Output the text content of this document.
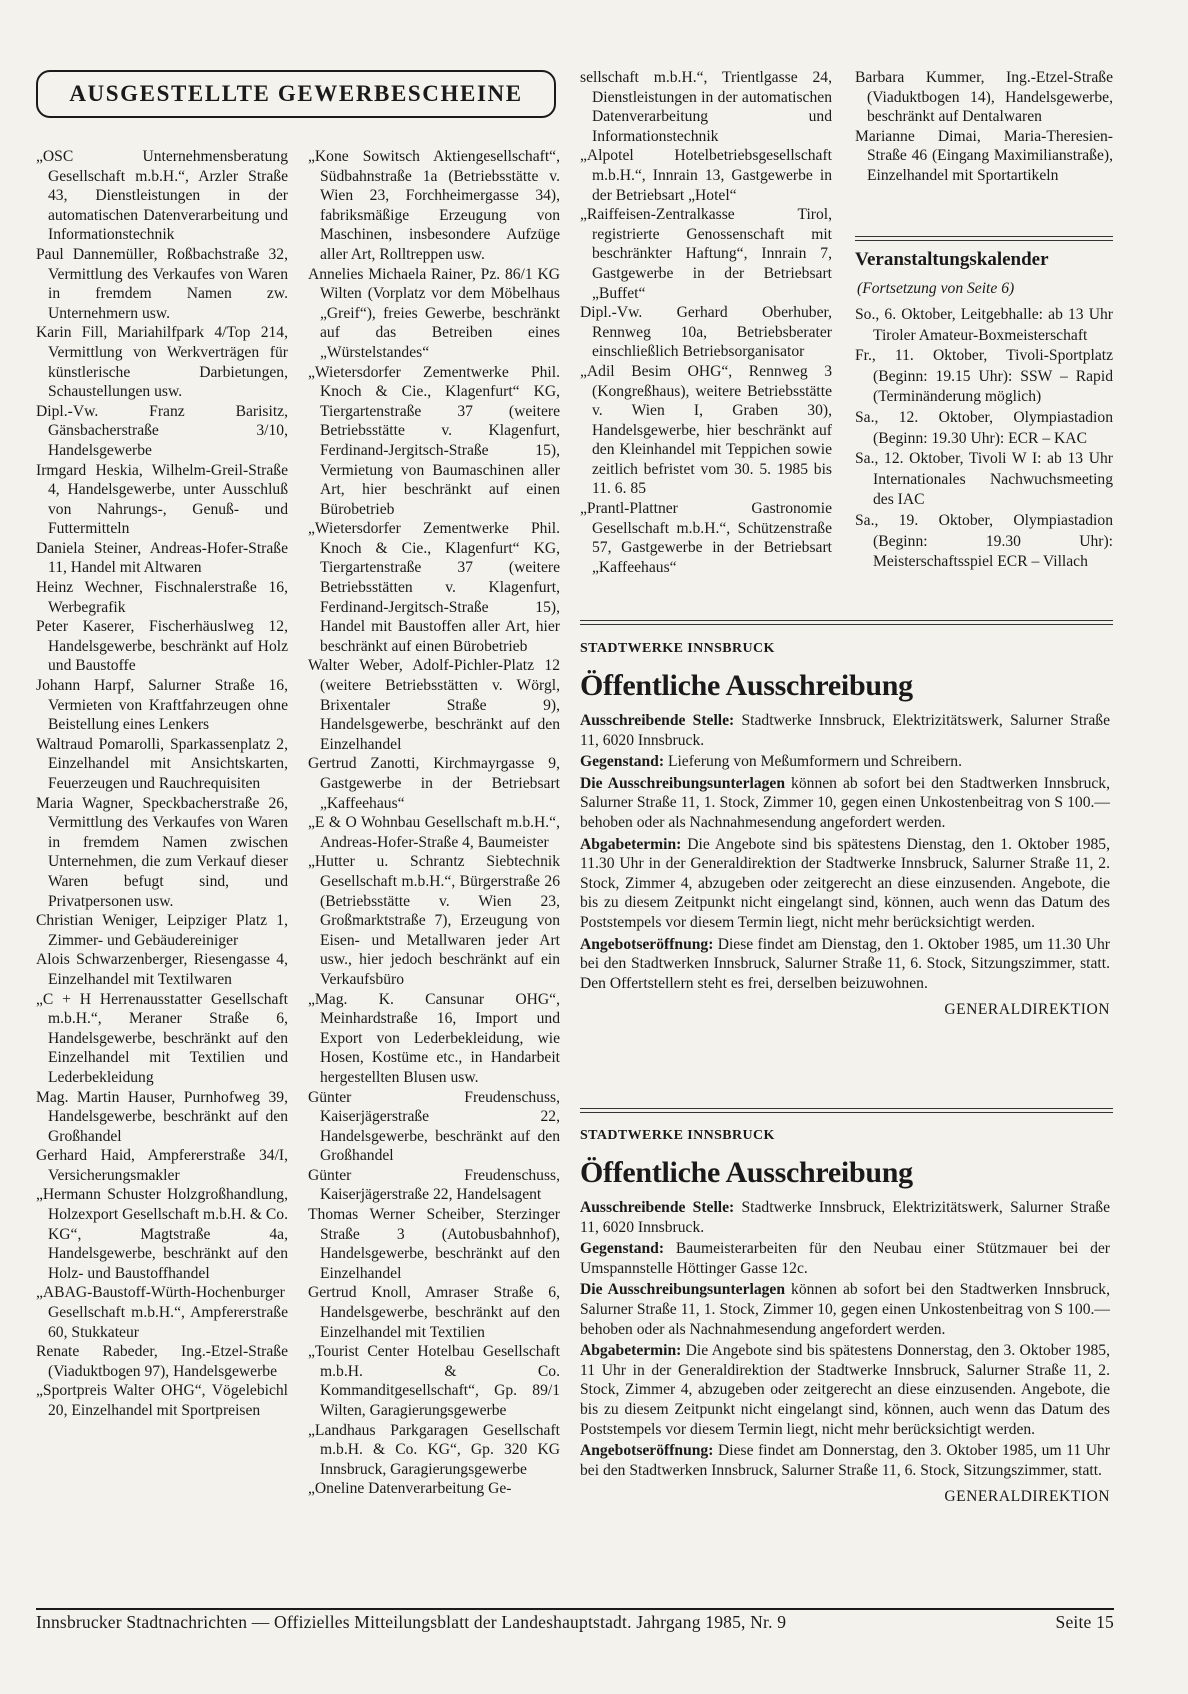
AUSGESTELLTE GEWERBESCHEINE

„OSC Unternehmensberatung Gesellschaft m.b.H.“, Arzler Straße 43, Dienstleistungen in der automatischen Datenverarbeitung und Informationstechnik

Paul Dannemüller, Roßbachstraße 32, Vermittlung des Verkaufes von Waren in fremdem Namen zw. Unternehmern usw.

Karin Fill, Mariahilfpark 4/Top 214, Vermittlung von Werkverträgen für künstlerische Darbietungen, Schaustellungen usw.

Dipl.-Vw. Franz Barisitz, Gänsbacherstraße 3/10, Handelsgewerbe

Irmgard Heskia, Wilhelm-Greil-Straße 4, Handelsgewerbe, unter Ausschluß von Nahrungs-, Genuß- und Futtermitteln

Daniela Steiner, Andreas-Hofer-Straße 11, Handel mit Altwaren

Heinz Wechner, Fischnalerstraße 16, Werbegrafik

Peter Kaserer, Fischerhäuslweg 12, Handelsgewerbe, beschränkt auf Holz und Baustoffe

Johann Harpf, Salurner Straße 16, Vermieten von Kraftfahrzeugen ohne Beistellung eines Lenkers

Waltraud Pomarolli, Sparkassenplatz 2, Einzelhandel mit Ansichtskarten, Feuerzeugen und Rauchrequisiten

Maria Wagner, Speckbacherstraße 26, Vermittlung des Verkaufes von Waren in fremdem Namen zwischen Unternehmen, die zum Verkauf dieser Waren befugt sind, und Privatpersonen usw.

Christian Weniger, Leipziger Platz 1, Zimmer- und Gebäudereiniger

Alois Schwarzenberger, Riesengasse 4, Einzelhandel mit Textilwaren

„C + H Herrenausstatter Gesellschaft m.b.H.“, Meraner Straße 6, Handelsgewerbe, beschränkt auf den Einzelhandel mit Textilien und Lederbekleidung

Mag. Martin Hauser, Purnhofweg 39, Handelsgewerbe, beschränkt auf den Großhandel

Gerhard Haid, Ampfererstraße 34/I, Versicherungsmakler

„Hermann Schuster Holzgroßhandlung, Holzexport Gesellschaft m.b.H. & Co. KG“, Magtstraße 4a, Handelsgewerbe, beschränkt auf den Holz- und Baustoffhandel

„ABAG-Baustoff-Würth-Hochenburger Gesellschaft m.b.H.“, Ampfererstraße 60, Stukkateur

Renate Rabeder, Ing.-Etzel-Straße (Viaduktbogen 97), Handelsgewerbe

„Sportpreis Walter OHG“, Vögelebichl 20, Einzelhandel mit Sportpreisen

„Kone Sowitsch Aktiengesellschaft“, Südbahnstraße 1a (Betriebsstätte v. Wien 23, Forchheimergasse 34), fabriksmäßige Erzeugung von Maschinen, insbesondere Aufzüge aller Art, Rolltreppen usw.

Annelies Michaela Rainer, Pz. 86/1 KG Wilten (Vorplatz vor dem Möbelhaus „Greif“), freies Gewerbe, beschränkt auf das Betreiben eines „Würstelstandes“

„Wietersdorfer Zementwerke Phil. Knoch & Cie., Klagenfurt“ KG, Tiergartenstraße 37 (weitere Betriebsstätte v. Klagenfurt, Ferdinand-Jergitsch-Straße 15), Vermietung von Baumaschinen aller Art, hier beschränkt auf einen Bürobetrieb

„Wietersdorfer Zementwerke Phil. Knoch & Cie., Klagenfurt“ KG, Tiergartenstraße 37 (weitere Betriebsstätten v. Klagenfurt, Ferdinand-Jergitsch-Straße 15), Handel mit Baustoffen aller Art, hier beschränkt auf einen Bürobetrieb

Walter Weber, Adolf-Pichler-Platz 12 (weitere Betriebsstätten v. Wörgl, Brixentaler Straße 9), Handelsgewerbe, beschränkt auf den Einzelhandel

Gertrud Zanotti, Kirchmayrgasse 9, Gastgewerbe in der Betriebsart „Kaffeehaus“

„E & O Wohnbau Gesellschaft m.b.H.“, Andreas-Hofer-Straße 4, Baumeister

„Hutter u. Schrantz Siebtechnik Gesellschaft m.b.H.“, Bürgerstraße 26 (Betriebsstätte v. Wien 23, Großmarktstraße 7), Erzeugung von Eisen- und Metallwaren jeder Art usw., hier jedoch beschränkt auf ein Verkaufsbüro

„Mag. K. Cansunar OHG“, Meinhardstraße 16, Import und Export von Lederbekleidung, wie Hosen, Kostüme etc., in Handarbeit hergestellten Blusen usw.

Günter Freudenschuss, Kaiserjägerstraße 22, Handelsgewerbe, beschränkt auf den Großhandel

Günter Freudenschuss, Kaiserjägerstraße 22, Handelsagent

Thomas Werner Scheiber, Sterzinger Straße 3 (Autobusbahnhof), Handelsgewerbe, beschränkt auf den Einzelhandel

Gertrud Knoll, Amraser Straße 6, Handelsgewerbe, beschränkt auf den Einzelhandel mit Textilien

„Tourist Center Hotelbau Gesellschaft m.b.H. & Co. Kommanditgesellschaft“, Gp. 89/1 Wilten, Garagierungsgewerbe

„Landhaus Parkgaragen Gesellschaft m.b.H. & Co. KG“, Gp. 320 KG Innsbruck, Garagierungsgewerbe

„Oneline Datenverarbeitung Ge-

sellschaft m.b.H.“, Trientlgasse 24, Dienstleistungen in der automatischen Datenverarbeitung und Informationstechnik

„Alpotel Hotelbetriebsgesellschaft m.b.H.“, Innrain 13, Gastgewerbe in der Betriebsart „Hotel“

„Raiffeisen-Zentralkasse Tirol, registrierte Genossenschaft mit beschränkter Haftung“, Innrain 7, Gastgewerbe in der Betriebsart „Buffet“

Dipl.-Vw. Gerhard Oberhuber, Rennweg 10a, Betriebsberater einschließlich Betriebsorganisator

„Adil Besim OHG“, Rennweg 3 (Kongreßhaus), weitere Betriebsstätte v. Wien I, Graben 30), Handelsgewerbe, hier beschränkt auf den Kleinhandel mit Teppichen sowie zeitlich befristet vom 30. 5. 1985 bis 11. 6. 85

„Prantl-Plattner Gastronomie Gesellschaft m.b.H.“, Schützenstraße 57, Gastgewerbe in der Betriebsart „Kaffeehaus“

Barbara Kummer, Ing.-Etzel-Straße (Viaduktbogen 14), Handelsgewerbe, beschränkt auf Dentalwaren

Marianne Dimai, Maria-Theresien-Straße 46 (Eingang Maximilianstraße), Einzelhandel mit Sportartikeln

Veranstaltungskalender
(Fortsetzung von Seite 6)

So., 6. Oktober, Leitgebhalle: ab 13 Uhr Tiroler Amateur-Boxmeisterschaft

Fr., 11. Oktober, Tivoli-Sportplatz (Beginn: 19.15 Uhr): SSW – Rapid (Terminänderung möglich)

Sa., 12. Oktober, Olympiastadion (Beginn: 19.30 Uhr): ECR – KAC

Sa., 12. Oktober, Tivoli W I: ab 13 Uhr Internationales Nachwuchsmeeting des IAC

Sa., 19. Oktober, Olympiastadion (Beginn: 19.30 Uhr): Meisterschaftsspiel ECR – Villach

STADTWERKE INNSBRUCK
Öffentliche Ausschreibung

Ausschreibende Stelle: Stadtwerke Innsbruck, Elektrizitätswerk, Salurner Straße 11, 6020 Innsbruck.

Gegenstand: Lieferung von Meßumformern und Schreibern.

Die Ausschreibungsunterlagen können ab sofort bei den Stadtwerken Innsbruck, Salurner Straße 11, 1. Stock, Zimmer 10, gegen einen Unkostenbeitrag von S 100.— behoben oder als Nachnahmesendung angefordert werden.

Abgabetermin: Die Angebote sind bis spätestens Dienstag, den 1. Oktober 1985, 11.30 Uhr in der Generaldirektion der Stadtwerke Innsbruck, Salurner Straße 11, 2. Stock, Zimmer 4, abzugeben oder zeitgerecht an diese einzusenden. Angebote, die bis zu diesem Zeitpunkt nicht eingelangt sind, können, auch wenn das Datum des Poststempels vor diesem Termin liegt, nicht mehr berücksichtigt werden.

Angebotseröffnung: Diese findet am Dienstag, den 1. Oktober 1985, um 11.30 Uhr bei den Stadtwerken Innsbruck, Salurner Straße 11, 6. Stock, Sitzungszimmer, statt. Den Offertstellern steht es frei, derselben beizuwohnen.

GENERALDIREKTION
STADTWERKE INNSBRUCK
Öffentliche Ausschreibung

Ausschreibende Stelle: Stadtwerke Innsbruck, Elektrizitätswerk, Salurner Straße 11, 6020 Innsbruck.

Gegenstand: Baumeisterarbeiten für den Neubau einer Stützmauer bei der Umspannstelle Höttinger Gasse 12c.

Die Ausschreibungsunterlagen können ab sofort bei den Stadtwerken Innsbruck, Salurner Straße 11, 1. Stock, Zimmer 10, gegen einen Unkostenbeitrag von S 100.— behoben oder als Nachnahmesendung angefordert werden.

Abgabetermin: Die Angebote sind bis spätestens Donnerstag, den 3. Oktober 1985, 11 Uhr in der Generaldirektion der Stadtwerke Innsbruck, Salurner Straße 11, 2. Stock, Zimmer 4, abzugeben oder zeitgerecht an diese einzusenden. Angebote, die bis zu diesem Zeitpunkt nicht eingelangt sind, können, auch wenn das Datum des Poststempels vor diesem Termin liegt, nicht mehr berücksichtigt werden.

Angebotseröffnung: Diese findet am Donnerstag, den 3. Oktober 1985, um 11 Uhr bei den Stadtwerken Innsbruck, Salurner Straße 11, 6. Stock, Sitzungszimmer, statt.

GENERALDIREKTION
Innsbrucker Stadtnachrichten — Offizielles Mitteilungsblatt der Landeshauptstadt. Jahrgang 1985, Nr. 9	Seite 15
